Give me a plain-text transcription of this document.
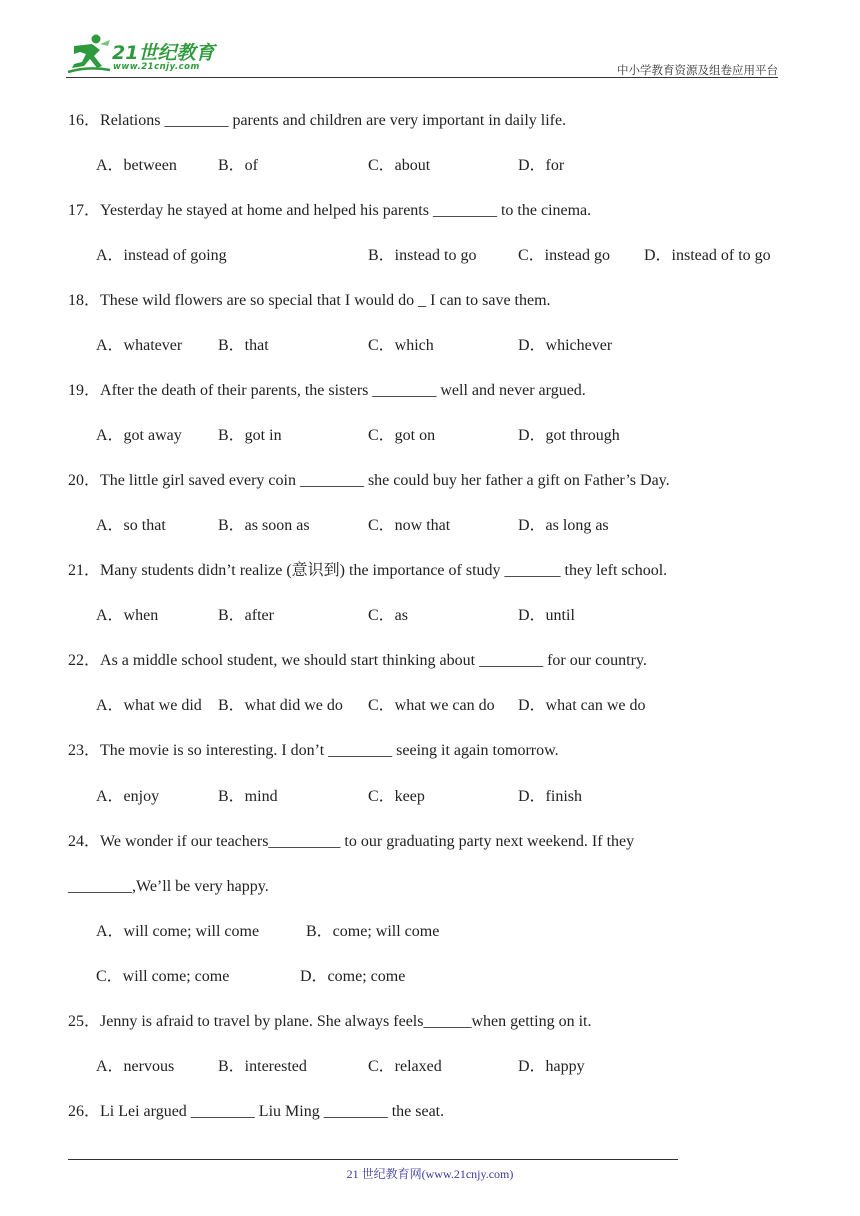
21世纪教育
www.21cnjy.com	中小学教育资源及组卷应用平台
16．Relations ________ parents and children are very important in daily life.
A．between	B．of	C．about	D．for
17．Yesterday he stayed at home and helped his parents ________ to the cinema.
A．instead of going	B．instead to go	C．instead go D．instead of to go
18．These wild flowers are so special that I would do _ I can to save them.
A．whatever B．that	C．which	D．whichever
19．After the death of their parents, the sisters ________ well and never argued.
A．got away B．got in	C．got on	D．got through
20．The little girl saved every coin ________ she could buy her father a gift on Father’s Day.
A．so that	B．as soon as	C．now that	D．as long as
21．Many students didn’t realize (意识到) the importance of study _______ they left school.
A．when	B．after	C．as	D．until
22．As a middle school student, we should start thinking about ________ for our country.
A．what we did B．what did we do C．what we can do D．what can we do
23．The movie is so interesting. I don’t ________ seeing it again tomorrow.
A．enjoy	B．mind	C．keep	D．finish
24．We wonder if our teachers_________ to our graduating party next weekend. If they
________,We’ll be very happy.
A．will come; will come	B．come; will come
C．will come; come	D．come; come
25．Jenny is afraid to travel by plane. She always feels______when getting on it.
A．nervous	B．interested	C．relaxed	D．happy
26．Li Lei argued ________ Liu Ming ________ the seat.
21 世纪教育网(www.21cnjy.com)
